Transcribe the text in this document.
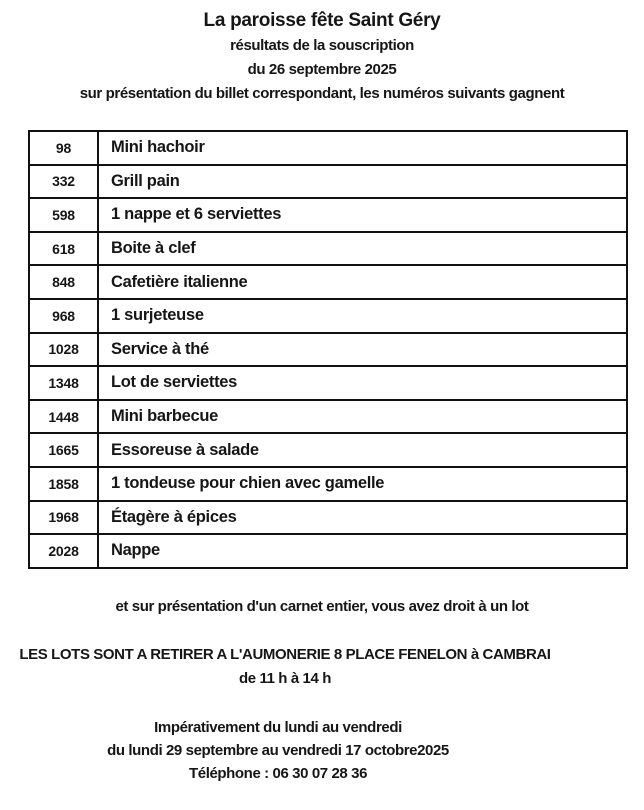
La paroisse fête Saint Géry
résultats de la souscription
du 26 septembre 2025
sur présentation du billet correspondant, les numéros suivants gagnent
98	Mini hachoir
332	Grill pain
598	1 nappe et 6 serviettes
618	Boite à clef
848	Cafetière italienne
968	1 surjeteuse
1028	Service à thé
1348	Lot de serviettes
1448	Mini barbecue
1665	Essoreuse à salade
1858	1 tondeuse pour chien avec gamelle
1968	Étagère à épices
2028	Nappe
et sur présentation d'un carnet entier, vous avez droit à un lot
LES LOTS SONT A RETIRER A L'AUMONERIE 8 PLACE FENELON à CAMBRAI
de 11 h à 14 h
Impérativement du lundi au vendredi
du lundi 29 septembre au vendredi 17 octobre2025
Téléphone : 06 30 07 28 36
